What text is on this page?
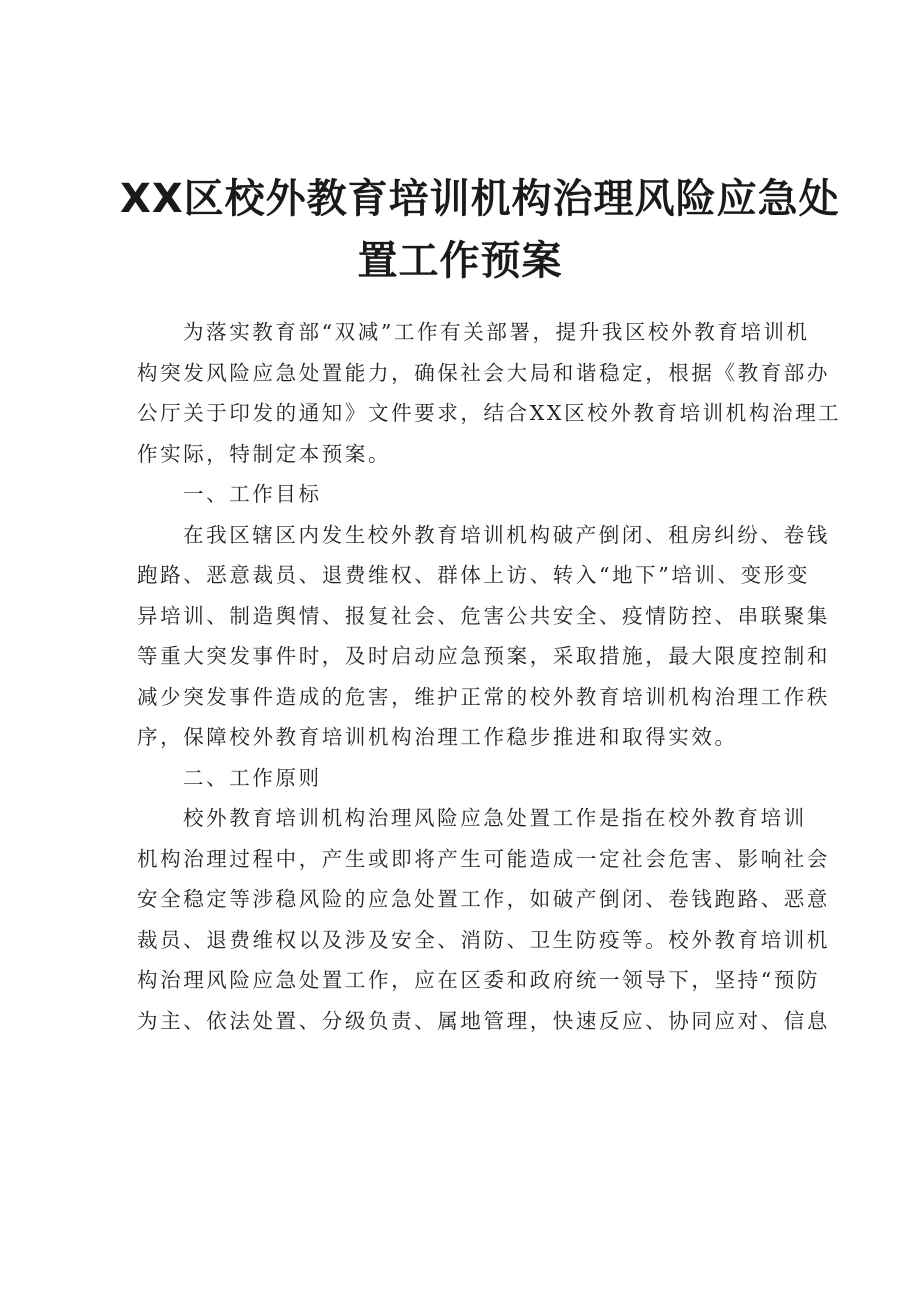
XX区校外教育培训机构治理风险应急处
置工作预案
为落实教育部“双减”工作有关部署，提升我区校外教育培训机
构突发风险应急处置能力，确保社会大局和谐稳定，根据《教育部办
公厅关于印发的通知》文件要求，结合XX区校外教育培训机构治理工
作实际，特制定本预案。
一、工作目标
在我区辖区内发生校外教育培训机构破产倒闭、租房纠纷、卷钱
跑路、恶意裁员、退费维权、群体上访、转入“地下”培训、变形变
异培训、制造舆情、报复社会、危害公共安全、疫情防控、串联聚集
等重大突发事件时，及时启动应急预案，采取措施，最大限度控制和
减少突发事件造成的危害，维护正常的校外教育培训机构治理工作秩
序，保障校外教育培训机构治理工作稳步推进和取得实效。
二、工作原则
校外教育培训机构治理风险应急处置工作是指在校外教育培训
机构治理过程中，产生或即将产生可能造成一定社会危害、影响社会
安全稳定等涉稳风险的应急处置工作，如破产倒闭、卷钱跑路、恶意
裁员、退费维权以及涉及安全、消防、卫生防疫等。校外教育培训机
构治理风险应急处置工作，应在区委和政府统一领导下，坚持“预防
为主、依法处置、分级负责、属地管理，快速反应、协同应对、信息
